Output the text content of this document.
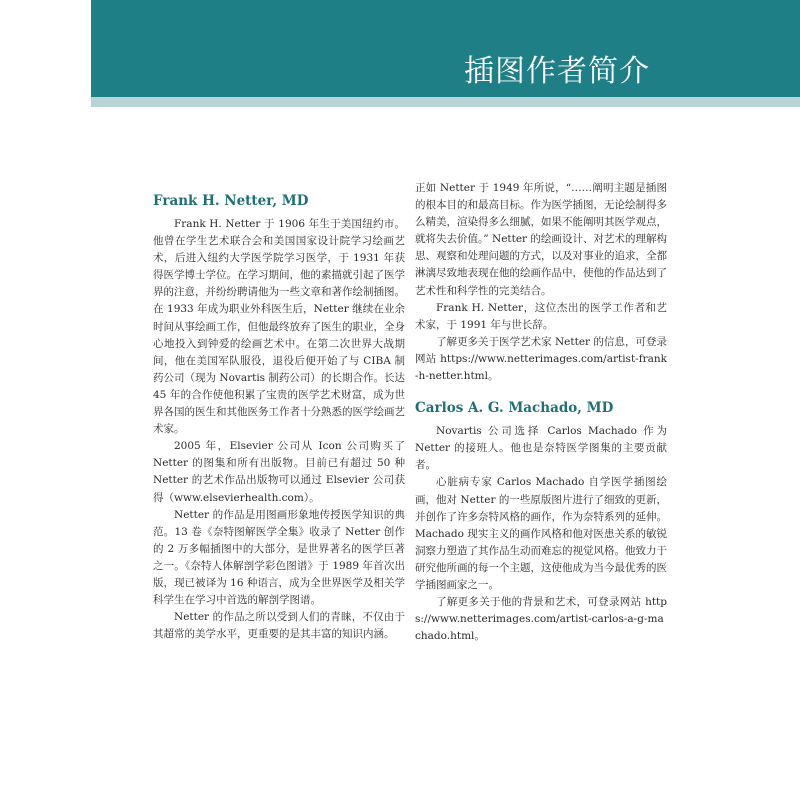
插图作者简介
Frank H. Netter, MD

Frank H. Netter 于 1906 年生于美国纽约市。他曾在学生艺术联合会和美国国家设计院学习绘画艺术，后进入纽约大学医学院学习医学，于 1931 年获得医学博士学位。在学习期间，他的素描就引起了医学界的注意，并纷纷聘请他为一些文章和著作绘制插图。在 1933 年成为职业外科医生后，Netter 继续在业余时间从事绘画工作，但他最终放弃了医生的职业，全身心地投入到钟爱的绘画艺术中。在第二次世界大战期间，他在美国军队服役，退役后便开始了与 CIBA 制药公司（现为 Novartis 制药公司）的长期合作。长达 45 年的合作使他积累了宝贵的医学艺术财富，成为世界各国的医生和其他医务工作者十分熟悉的医学绘画艺术家。

2005 年，Elsevier 公司从 Icon 公司购买了 Netter 的图集和所有出版物。目前已有超过 50 种 Netter 的艺术作品出版物可以通过 Elsevier 公司获得（www.elsevierhealth.com）。

Netter 的作品是用图画形象地传授医学知识的典范。13 卷《奈特图解医学全集》收录了 Netter 创作的 2 万多幅插图中的大部分，是世界著名的医学巨著之一。《奈特人体解剖学彩色图谱》于 1989 年首次出版，现已被译为 16 种语言，成为全世界医学及相关学科学生在学习中首选的解剖学图谱。

Netter 的作品之所以受到人们的青睐，不仅由于其超常的美学水平，更重要的是其丰富的知识内涵。

正如 Netter 于 1949 年所说，“……阐明主题是插图的根本目的和最高目标。作为医学插图，无论绘制得多么精美，渲染得多么细腻，如果不能阐明其医学观点，就将失去价值。” Netter 的绘画设计、对艺术的理解构思、观察和处理问题的方式，以及对事业的追求，全都淋漓尽致地表现在他的绘画作品中，使他的作品达到了艺术性和科学性的完美结合。

Frank H. Netter，这位杰出的医学工作者和艺术家，于 1991 年与世长辞。

了解更多关于医学艺术家 Netter 的信息，可登录网站 https://www.netterimages.com/artist-frank-h-netter.html。

Carlos A. G. Machado, MD

Novartis 公司选择 Carlos Machado 作为 Netter 的接班人。他也是奈特医学图集的主要贡献者。

心脏病专家 Carlos Machado 自学医学插图绘画，他对 Netter 的一些原版图片进行了细致的更新，并创作了许多奈特风格的画作，作为奈特系列的延伸。Machado 现实主义的画作风格和他对医患关系的敏锐洞察力塑造了其作品生动而难忘的视觉风格。他致力于研究他所画的每一个主题，这使他成为当今最优秀的医学插图画家之一。

了解更多关于他的背景和艺术，可登录网站 https://www.netterimages.com/artist-carlos-a-g-machado.html。
